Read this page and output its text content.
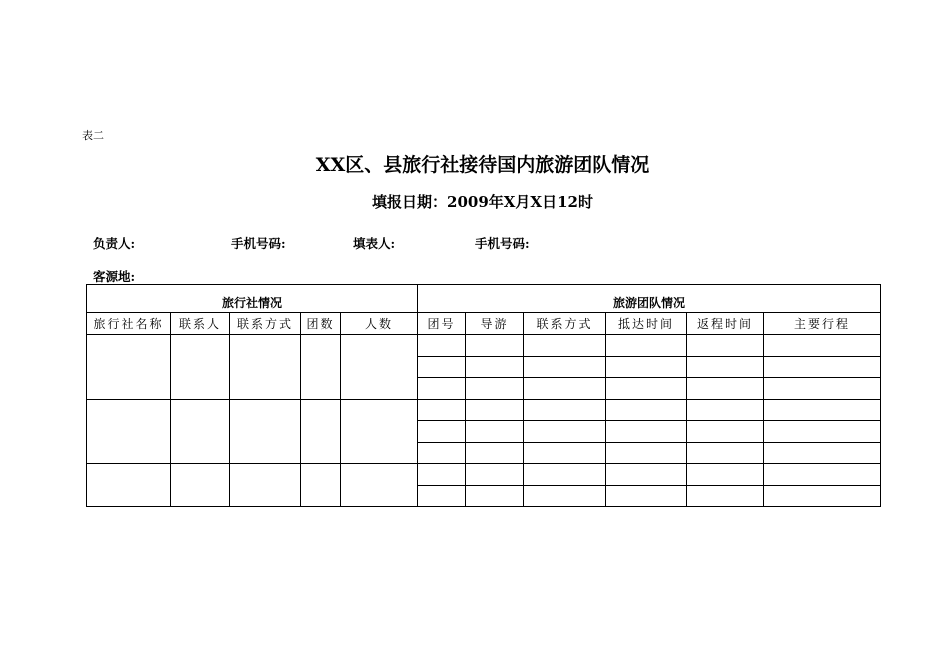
表二
XX区、县旅行社接待国内旅游团队情况
填报日期：2009年X月X日12时
负责人:	手机号码:	填表人:	手机号码:
客源地:
旅行社情况					旅游团队情况					
旅行社名称	联系人	联系方式	团数	人数	团号	导游	联系方式	抵达时间	返程时间	主要行程
